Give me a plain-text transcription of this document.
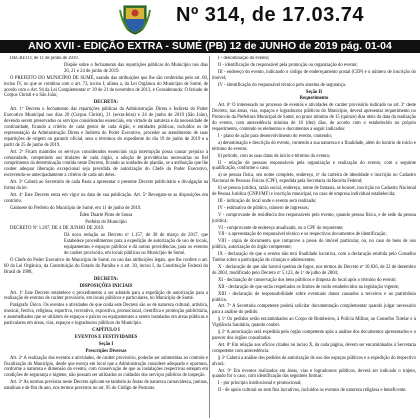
Nº 314, de 17.03.74
ANO XVII - EDIÇÃO EXTRA - SUMÉ (PB) 12 de JUNHO de 2019 pág. 01-04

DECRETO, de 11 de junho de 2019.

Dispõe sobre o fechamento das repartições públicas do Município nos dias 20, 21 e 24 de junho de 2019.

O PREFEITO DO MUNICÍPIO DE SUMÉ, usando das atribuições que lhe são conferidas pelo art. 60, inciso IV, no que se combina com o art. 73, inciso I, alínea a, da Lei Orgânica do Município de Sumé, de acordo com o Art. 94 da Lei Complementar nº 39 de 21 de novembro de 2013, e Considerando: O feriado de Corpus Christi e o São João;

DECRETA:

Art. 1º Decreta o fechamento das repartições públicas da Administração Direta e Indireta do Poder Executivo Municipal nos dias 20 (Corpus Christi), 21 (sexta-feira) e 24 de junho de 2019 (São João), devendo serem preservados os serviços considerados essenciais, em virtude da natureza e da necessidade de continuidade, ficando a critério de cada gestor de cada órgão, e entidades públicas, incluídos os de representação da Administração Direta e Indireta do Poder Executivo, proceder ao atendimento de suas repartições de origem ou garantir oficial, seus o términos do expediente do dia 19 de junho de 2019 e a partir de 25 de junho de 2019.

Art. 2º Ficam mantidos os serviços considerados essenciais cuja interrupção possa causar prejuízo à comunidade, competindo aos titulares de cada órgão, a adoção de providências necessárias ao fiel cumprimento da determinação contida neste Decreto, ficando as unidades de plantão, se a atribuição que lhe couber adequar liberação excepcional seja previdida de autorização do Chefe do Poder Executivo, escrevendo-se antecipadamente a critério de cada um deles.

Art. 3º Caberá ao Secretário de cada Pasta a apresentar o presente Decreto publicitário e divulgação na forma da lei.

Art. 4º Este Decreto entra em vigor na data de sua publicação. Art. 5º Revogam-se as disposições em contrário.

Gabinete do Prefeito do Município de Sumé, em 11 de junho de 2019.

Éden Duarte Pinto de Sousa

Prefeito do Município

DECRETO Nº 1.207, DE 4 DE JUNHO DE 2019.

Dá nova redação ao Decreto nº 1.157, de 30 de março de 2017, que Estabelece procedimentos para a expedição de autorização de uso de locais, equipamentos e espaços públicos e dá outras providências, para os eventos de caráter provisório, em locais públicos no Município de Sumé.

O Chefe do Poder Executivo do Município de Sumé, no uso das atribuições legais, que lhe confere o art. 60 da Lei Orgânica, da Constituição do Estado da Paraíba e o art. 30, inciso I, da Constituição Federal do Brasil de 1988,

DECRETA:

DISPOSIÇÕES INICIAIS

Art. 1º Este Decreto estabelece o procedimento a ser adotado para a expedição de autorização para a realização de eventos de caráter provisório, em locais públicos e particulares, no Município de Sumé.

Parágrafo Único. Os eventos e atividades de que cuida este Decreto são os de natureza cultural, artística, musical, festiva, religiosa, esportiva, recreativo, expositiva, promocional, científica e promoção publicitária, e assemelhados que se utilizem de espaços e palcos ou equipamentos a serem instalados em áreas públicas e particulares em áreas, vias, espaços e logradouros públicos do Município.

CAPÍTULO I

EVENTOS E FESTIVIDADES

Seção I

Prescrições Diversas

Art. 2º A realização dos eventos e atividades, de caráter provisório, poderão ser submetidas ao controle e fiscalização do Município, desde que exerça em local que a Administração considere adequado e oportuno, conforme a natureza e dimensão do evento, com conservação de que as instalações respectivas estejam em condições de segurança e higiene, não possam ser utilizados os cuidados dos serviços públicos de inspeção.

Art. 3º As normas previstas neste Decreto aplicam-se também às festas de natureza carnavalesca, juninas, natalinas e de fim de ano, nos termos previstos no art. 95 do Código de Posturas.

I - denominação do evento;

II - identificação do responsável pela promoção ou organização do evento;

III - endereço do evento, indicando o código de endereçamento postal (CEP) e o número de inscrição do imóvel;

IV - identificação do responsável técnico pelo sistema de segurança.

Seção II

Requerimento

Art. 6º O interessado no processo de eventos e atividades de caráter provisório indicado no art. 2º deste Decreto, nas áreas, vias, espaços e logradouros públicos do Município, deverá apresentar requerimento no Protocolo da Prefeitura Municipal de Sumé, no prazo mínimo de 15 (quinze) dias úteis da data da realização do evento, com antecedência mínima de 10 (dez) dias, de acordo com o estabelecido no próprio requerimento, contendo os elementos e documentos a seguir indicados:

I - plano de ação para desenvolvimento do evento, contendo;

a) denominação e descrição do evento, contendo a sua natureza e a finalidade, além do horário de início e término do evento;

b) período, com as suas datas de início e término do evento;

II - relação de pessoas responsáveis pela organização e realização do evento, com a seguinte qualificação, conforme o caso:

a) se pessoa física, seu nome completo, endereço, nº da carteira de identidade e inscrição no Cadastro Nacional de Pessoas Físicas (CPF), expedida pela Secretaria da Receita Federal;

b) se pessoa jurídica, razão social, endereço, nome de fantasia, se houver, inscrição no Cadastro Nacional de Pessoa Jurídica (CNPJ/MF) e inscrição municipal, no caso de empresa individual estabelecida;

III - indicação do local onde o evento será realizado;

IV - estimativa de público, número de ingressos;

V - comprovante de residência dos responsáveis pelo evento, quando pessoa física, e de sede da pessoa jurídica;

VI - comprovante de endereço atualizado, ou o CPF do requerente;

VII - a apresentação do responsável técnico e os respectivos documentos de identificação;

VIII - cópia de documento que comprove a posse do imóvel particular, ou, no caso de bens de uso público, autorização do órgão competente;

IX - declaração de que o evento não terá finalidade lucrativa, com a declaração emitida pelo Conselho Tutelar sobre a participação de crianças e adolescentes;

X - declaração de que não haverá queima de fogos, nos termos do Decreto nº 10.826, de 22 de dezembro de 2003, modificado pelo Decreto nº 5.123, de 1º de julho de 2004;

XI - declaração de conservação dos bens públicos e limpeza do local após o término do evento;

XII - declaração de que serão respeitados os limites de ruído estabelecidos na legislação vigente;

XIII - declaração de responsabilidade sobre eventuais danos causados a terceiros e ao patrimônio público.

Art. 7º A Secretaria competente poderá solicitar documentação complementar quando julgar necessário para a análise do pedido.

§ 1º Os pedidos serão encaminhados ao Corpo de Bombeiros, à Polícia Militar, ao Conselho Tutelar e à Vigilância Sanitária, quando couber.

§ 2º A autorização será expedida pelo órgão competente após a análise dos documentos apresentados e o parecer dos órgãos consultados.

Art. 8º Em relação aos ofícios citados no inciso X, da cada página, devem ser encaminhados à Secretaria competente com antecedência.

§ 3º Caberá a análise dos pedidos de autorização de uso dos espaços públicos e a expedição do respectivo alvará.

Art. 9º Em eventos realizados em áreas, vias e logradouros públicos, deverá ser indicado o trajeto, quando for o caso, com identificação das seguintes formas:

I - por princípio institucional e promocional;

II - de apoio cultural ou sem fins lucrativos, incluídos os eventos de natureza religiosa e beneficente.
